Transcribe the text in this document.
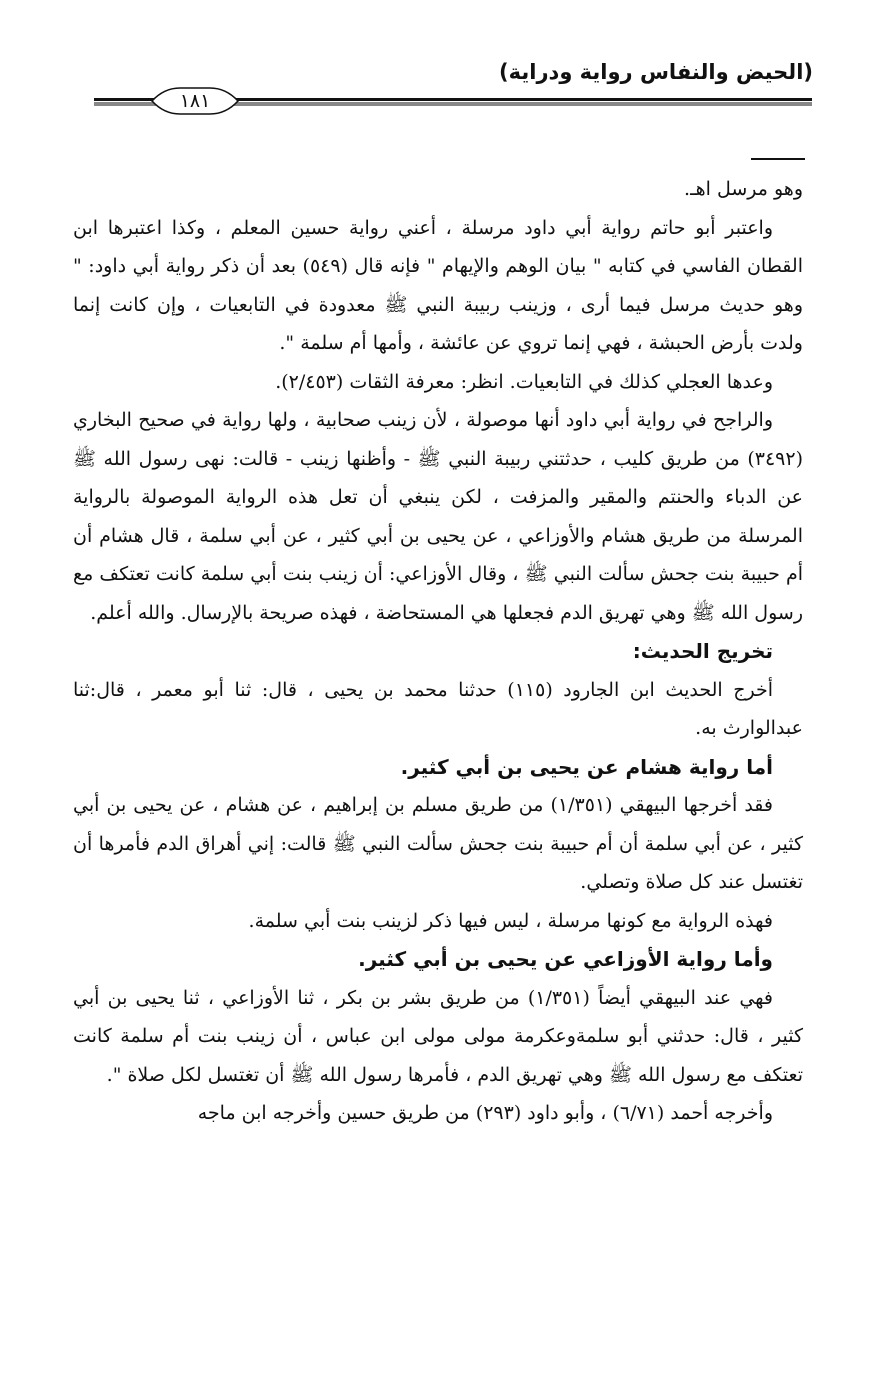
(الحيض والنفاس رواية ودراية)
١٨١

وهو مرسل اهـ.

واعتبر أبو حاتم رواية أبي داود مرسلة ، أعني رواية حسين المعلم ، وكذا اعتبرها ابن القطان الفاسي في كتابه " بيان الوهم والإيهام " فإنه قال (٥٤٩) بعد أن ذكر رواية أبي داود: " وهو حديث مرسل فيما أرى ، وزينب ربيبة النبي ﷺ معدودة في التابعيات ، وإن كانت إنما ولدت بأرض الحبشة ، فهي إنما تروي عن عائشة ، وأمها أم سلمة ".

وعدها العجلي كذلك في التابعيات. انظر: معرفة الثقات (٢/٤٥٣).

والراجح في رواية أبي داود أنها موصولة ، لأن زينب صحابية ، ولها رواية في صحيح البخاري (٣٤٩٢) من طريق كليب ، حدثتني ربيبة النبي ﷺ - وأظنها زينب - قالت: نهى رسول الله ﷺ عن الدباء والحنتم والمقير والمزفت ، لكن ينبغي أن تعل هذه الرواية الموصولة بالرواية المرسلة من طريق هشام والأوزاعي ، عن يحيى بن أبي كثير ، عن أبي سلمة ، قال هشام أن أم حبيبة بنت جحش سألت النبي ﷺ ، وقال الأوزاعي: أن زينب بنت أبي سلمة كانت تعتكف مع رسول الله ﷺ وهي تهريق الدم فجعلها هي المستحاضة ، فهذه صريحة بالإرسال. والله أعلم.

تخريج الحديث:

أخرج الحديث ابن الجارود (١١٥) حدثنا محمد بن يحيى ، قال: ثنا أبو معمر ، قال:ثنا عبدالوارث به.

أما رواية هشام عن يحيى بن أبي كثير.

فقد أخرجها البيهقي (١/٣٥١) من طريق مسلم بن إبراهيم ، عن هشام ، عن يحيى بن أبي كثير ، عن أبي سلمة أن أم حبيبة بنت جحش سألت النبي ﷺ قالت: إني أهراق الدم فأمرها أن تغتسل عند كل صلاة وتصلي.

فهذه الرواية مع كونها مرسلة ، ليس فيها ذكر لزينب بنت أبي سلمة.

وأما رواية الأوزاعي عن يحيى بن أبي كثير.

فهي عند البيهقي أيضاً (١/٣٥١) من طريق بشر بن بكر ، ثنا الأوزاعي ، ثنا يحيى بن أبي كثير ، قال: حدثني أبو سلمةوعكرمة مولى مولى ابن عباس ، أن زينب بنت أم سلمة كانت تعتكف مع رسول الله ﷺ وهي تهريق الدم ، فأمرها رسول الله ﷺ أن تغتسل لكل صلاة ".

وأخرجه أحمد (٦/٧١) ، وأبو داود (٢٩٣) من طريق حسين وأخرجه ابن ماجه
